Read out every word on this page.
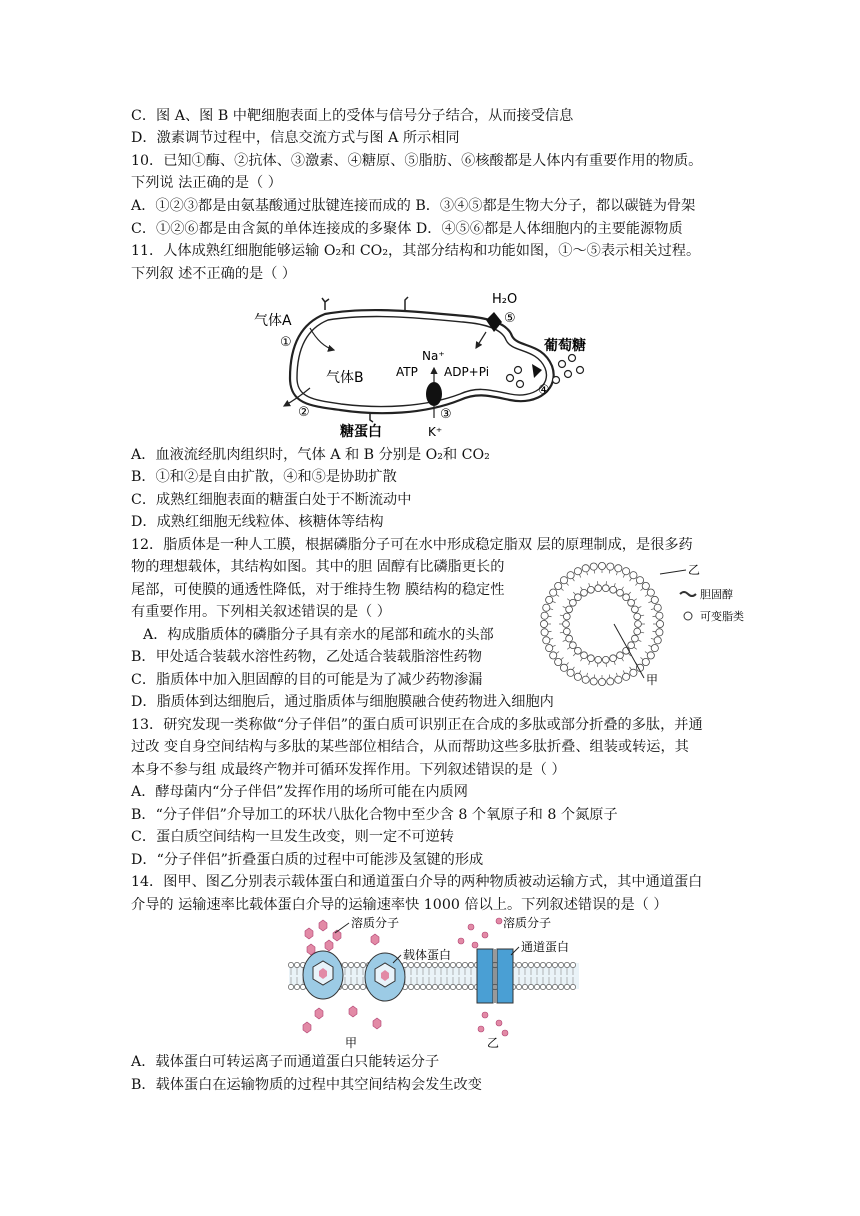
C．图 A、图 B 中靶细胞表面上的受体与信号分子结合，从而接受信息
D．激素调节过程中，信息交流方式与图 A 所示相同
10．已知①酶、②抗体、③激素、④糖原、⑤脂肪、⑥核酸都是人体内有重要作用的物质。
下列说 法正确的是（ ）
A．①②③都是由氨基酸通过肽键连接而成的 B．③④⑤都是生物大分子，都以碳链为骨架
C．①②⑥都是由含氮的单体连接成的多聚体 D．④⑤⑥都是人体细胞内的主要能源物质
11．人体成熟红细胞能够运输 O₂和 CO₂，其部分结构和功能如图，①～⑤表示相关过程。
下列叙 述不正确的是（ ）
A．血液流经肌肉组织时，气体 A 和 B 分别是 O₂和 CO₂
B．①和②是自由扩散，④和⑤是协助扩散
C．成熟红细胞表面的糖蛋白处于不断流动中
D．成熟红细胞无线粒体、核糖体等结构
12．脂质体是一种人工膜，根据磷脂分子可在水中形成稳定脂双 层的原理制成，是很多药
物的理想载体，其结构如图。其中的胆 固醇有比磷脂更长的
尾部，可使膜的通透性降低，对于维持生物 膜结构的稳定性
有重要作用。下列相关叙述错误的是（ ）
A．构成脂质体的磷脂分子具有亲水的尾部和疏水的头部
B．甲处适合装载水溶性药物，乙处适合装载脂溶性药物
C．脂质体中加入胆固醇的目的可能是为了减少药物渗漏
D．脂质体到达细胞后，通过脂质体与细胞膜融合使药物进入细胞内
13．研究发现一类称做“分子伴侣”的蛋白质可识别正在合成的多肽或部分折叠的多肽，并通
过改 变自身空间结构与多肽的某些部位相结合，从而帮助这些多肽折叠、组装或转运，其
本身不参与组 成最终产物并可循环发挥作用。下列叙述错误的是（ ）
A．酵母菌内“分子伴侣”发挥作用的场所可能在内质网
B．“分子伴侣”介导加工的环状八肽化合物中至少含 8 个氧原子和 8 个氮原子
C．蛋白质空间结构一旦发生改变，则一定不可逆转
D．“分子伴侣”折叠蛋白质的过程中可能涉及氢键的形成
14．图甲、图乙分别表示载体蛋白和通道蛋白介导的两种物质被动运输方式，其中通道蛋白
介导的 运输速率比载体蛋白介导的运输速率快 1000 倍以上。下列叙述错误的是（ ）
A．载体蛋白可转运离子而通道蛋白只能转运分子
B．载体蛋白在运输物质的过程中其空间结构会发生改变
气体A
①
气体B
②
糖蛋白
Na⁺
ATP ADP+Pi
③
K⁺
H₂O
⑤
葡萄糖
④
乙
甲
胆固醇
可变脂类
溶质分子
载体蛋白
甲
溶质分子
通道蛋白
乙
